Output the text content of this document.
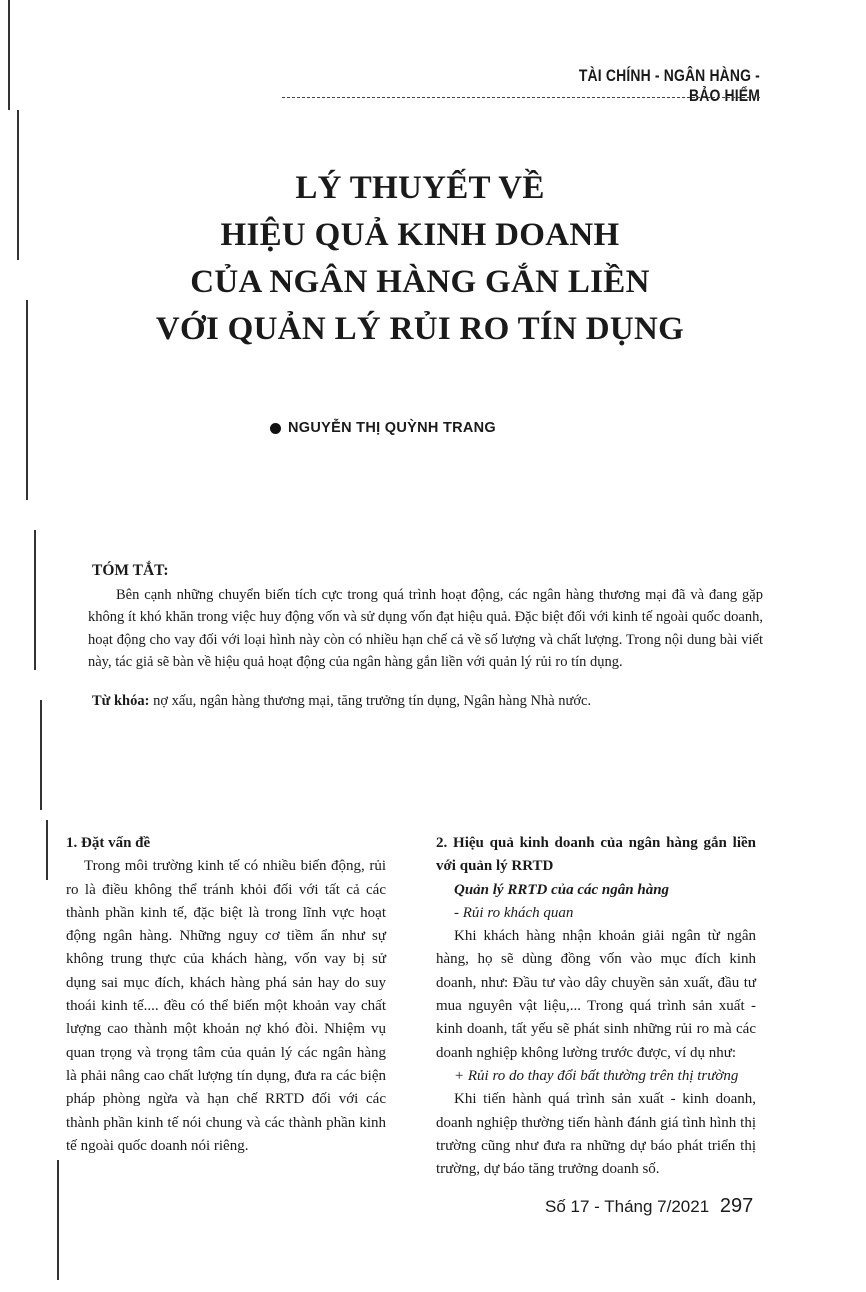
TÀI CHÍNH - NGÂN HÀNG - BẢO HIỂM
LÝ THUYẾT VỀ
HIỆU QUẢ KINH DOANH
CỦA NGÂN HÀNG GẮN LIỀN
VỚI QUẢN LÝ RỦI RO TÍN DỤNG
NGUYỄN THỊ QUỲNH TRANG
TÓM TẮT:
Bên cạnh những chuyển biến tích cực trong quá trình hoạt động, các ngân hàng thương mại đã và đang gặp không ít khó khăn trong việc huy động vốn và sử dụng vốn đạt hiệu quả. Đặc biệt đối với kinh tế ngoài quốc doanh, hoạt động cho vay đối với loại hình này còn có nhiều hạn chế cả về số lượng và chất lượng. Trong nội dung bài viết này, tác giả sẽ bàn về hiệu quả hoạt động của ngân hàng gắn liền với quản lý rủi ro tín dụng.
Từ khóa: nợ xấu, ngân hàng thương mại, tăng trưởng tín dụng, Ngân hàng Nhà nước.

1. Đặt vấn đề

Trong môi trường kinh tế có nhiều biến động, rủi ro là điều không thể tránh khỏi đối với tất cả các thành phần kinh tế, đặc biệt là trong lĩnh vực hoạt động ngân hàng. Những nguy cơ tiềm ẩn như sự không trung thực của khách hàng, vốn vay bị sử dụng sai mục đích, khách hàng phá sản hay do suy thoái kinh tế.... đều có thể biến một khoản vay chất lượng cao thành một khoản nợ khó đòi. Nhiệm vụ quan trọng và trọng tâm của quản lý các ngân hàng là phải nâng cao chất lượng tín dụng, đưa ra các biện pháp phòng ngừa và hạn chế RRTD đối với các thành phần kinh tế nói chung và các thành phần kinh tế ngoài quốc doanh nói riêng.

2. Hiệu quả kinh doanh của ngân hàng gắn liền với quản lý RRTD

Quản lý RRTD của các ngân hàng

- Rủi ro khách quan

Khi khách hàng nhận khoản giải ngân từ ngân hàng, họ sẽ dùng đồng vốn vào mục đích kinh doanh, như: Đầu tư vào dây chuyền sản xuất, đầu tư mua nguyên vật liệu,... Trong quá trình sản xuất - kinh doanh, tất yếu sẽ phát sinh những rủi ro mà các doanh nghiệp không lường trước được, ví dụ như:

+ Rủi ro do thay đổi bất thường trên thị trường

Khi tiến hành quá trình sản xuất - kinh doanh, doanh nghiệp thường tiến hành đánh giá tình hình thị trường cũng như đưa ra những dự báo phát triển thị trường, dự báo tăng trưởng doanh số.

Số 17 - Tháng 7/2021 297
